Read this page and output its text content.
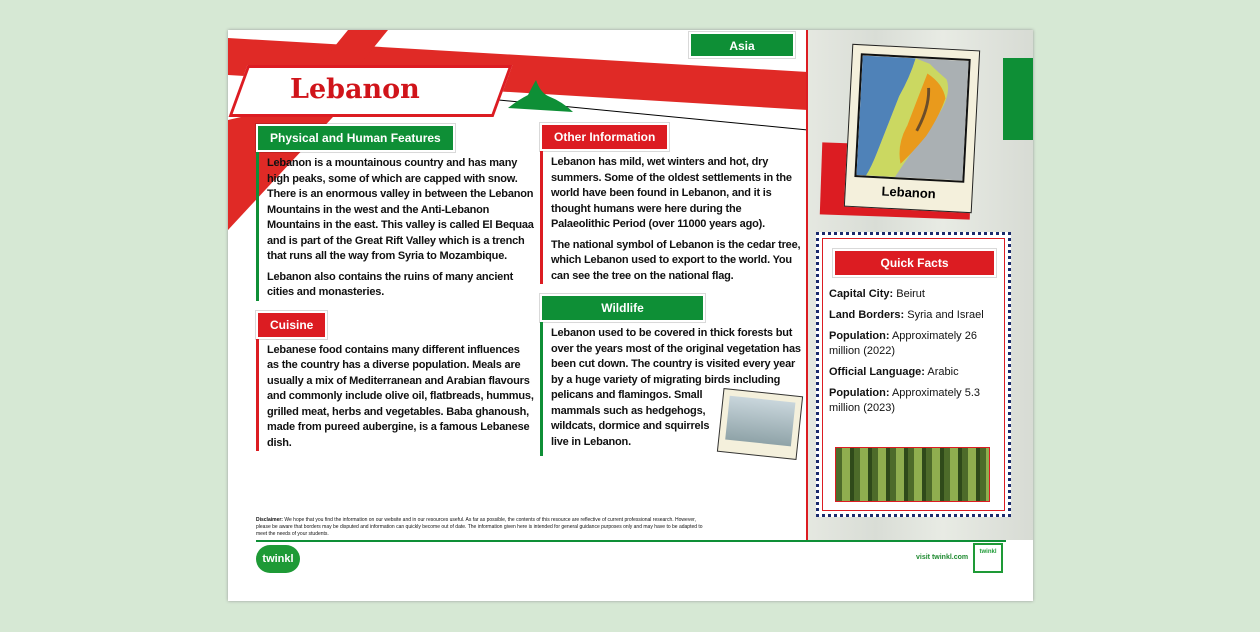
Lebanon
Asia
Physical and Human Features

Lebanon is a mountainous country and has many high peaks, some of which are capped with snow. There is an enormous valley in between the Lebanon Mountains in the west and the Anti-Lebanon Mountains in the east. This valley is called El Bequaa and is part of the Great Rift Valley which is a trench that runs all the way from Syria to Mozambique.

Lebanon also contains the ruins of many ancient cities and monasteries.

Cuisine

Lebanese food contains many different influences as the country has a diverse population. Meals are usually a mix of Mediterranean and Arabian flavours and commonly include olive oil, flatbreads, hummus, grilled meat, herbs and vegetables. Baba ghanoush, made from pureed aubergine, is a famous Lebanese dish.

Other Information

Lebanon has mild, wet winters and hot, dry summers. Some of the oldest settlements in the world have been found in Lebanon, and it is thought humans were here during the Palaeolithic Period (over 11000 years ago).

The national symbol of Lebanon is the cedar tree, which Lebanon used to export to the world. You can see the tree on the national flag.

Wildlife

Lebanon used to be covered in thick forests but over the years most of the original vegetation has been cut down. The country is visited every year by a huge variety of migrating birds including pelicans and flamingos. Small mammals such as hedgehogs, wildcats, dormice and squirrels live in Lebanon.

Lebanon
Quick Facts
Capital City: Beirut
Land Borders: Syria and Israel
Population: Approximately 26 million (2022)
Official Language: Arabic
Population: Approximately 5.3 million (2023)
Disclaimer: We hope that you find the information on our website and in our resources useful. As far as possible, the contents of this resource are reflective of current professional research. However, please be aware that borders may be disputed and information can quickly become out of date. The information given here is intended for general guidance purposes only and may have to be adapted to meet the needs of your students.
twinkl	visit twinkl.com
twinkl
